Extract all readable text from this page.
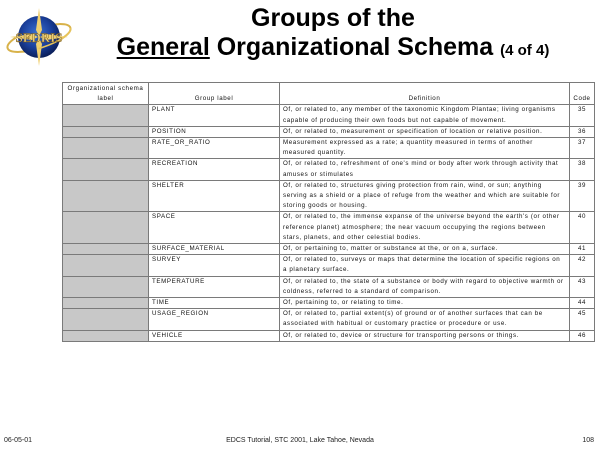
SEDRIS
Groups of the
General Organizational Schema (4 of 4)
Organizational schema label	Group label	Definition	Code
	PLANT	Of, or related to, any member of the taxonomic Kingdom Plantae; living organisms capable of producing their own foods but not capable of movement.	35
	POSITION	Of, or related to, measurement or specification of location or relative position.	36
	RATE_OR_RATIO	Measurement expressed as a rate; a quantity measured in terms of another measured quantity.	37
	RECREATION	Of, or related to, refreshment of one's mind or body after work through activity that amuses or stimulates	38
	SHELTER	Of, or related to, structures giving protection from rain, wind, or sun; anything serving as a shield or a place of refuge from the weather and which are suitable for storing goods or housing.	39
	SPACE	Of, or related to, the immense expanse of the universe beyond the earth's (or other reference planet) atmosphere; the near vacuum occupying the regions between stars, planets, and other celestial bodies.	40
	SURFACE_MATERIAL	Of, or pertaining to, matter or substance at the, or on a, surface.	41
	SURVEY	Of, or related to, surveys or maps that determine the location of specific regions on a planetary surface.	42
	TEMPERATURE	Of, or related to, the state of a substance or body with regard to objective warmth or coldness, referred to a standard of comparison.	43
	TIME	Of, pertaining to, or relating to time.	44
	USAGE_REGION	Of, or related to, partial extent(s) of ground or of another surfaces that can be associated with habitual or customary practice or procedure or use.	45
	VEHICLE	Of, or related to, device or structure for transporting persons or things.	46
06-05-01	EDCS Tutorial, STC 2001, Lake Tahoe, Nevada	108
